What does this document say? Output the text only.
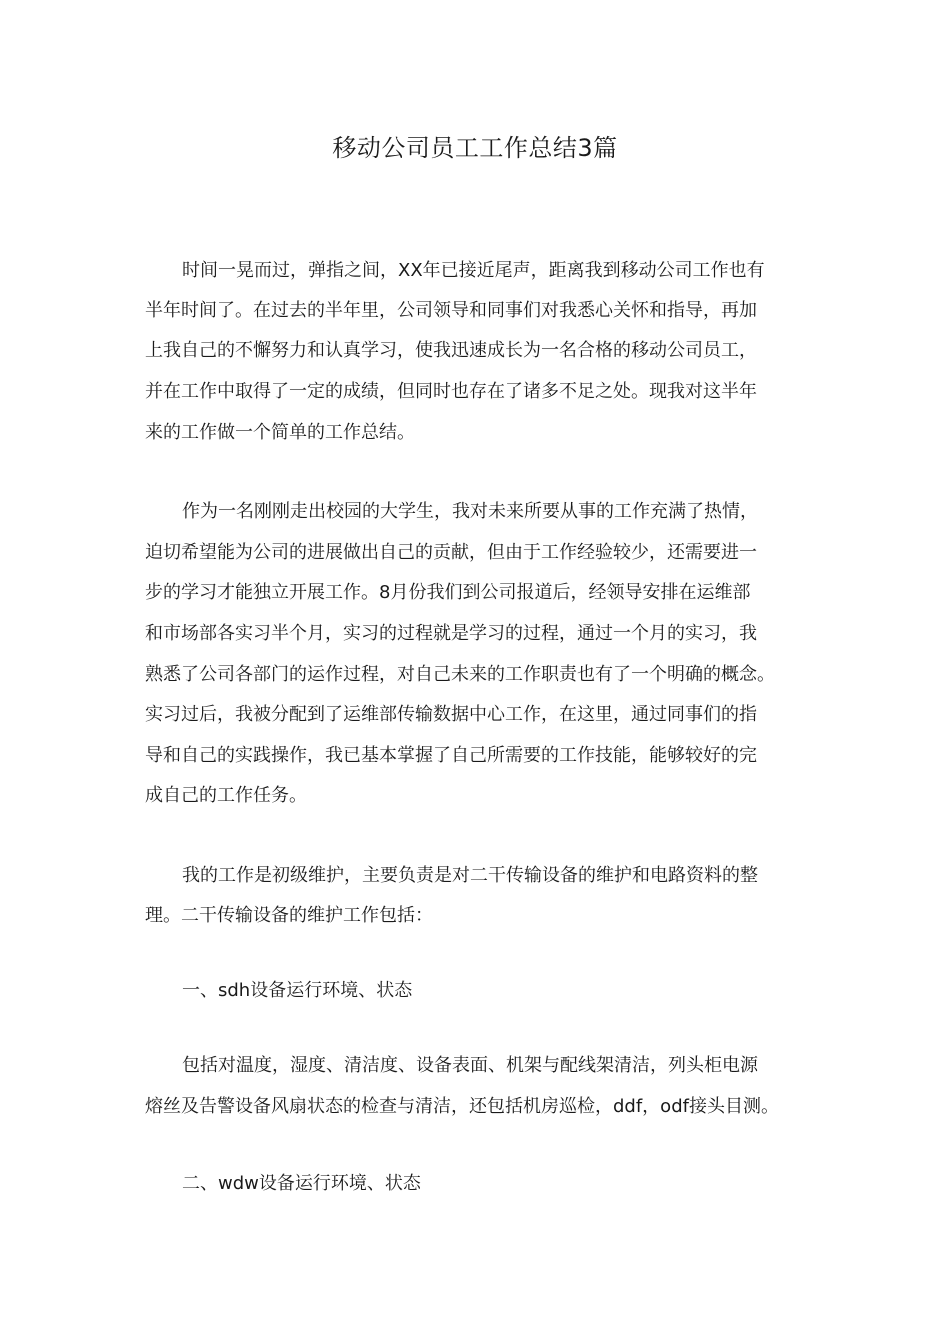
移动公司员工工作总结3篇
时间一晃而过，弹指之间，XX年已接近尾声，距离我到移动公司工作也有
半年时间了。在过去的半年里，公司领导和同事们对我悉心关怀和指导，再加
上我自己的不懈努力和认真学习，使我迅速成长为一名合格的移动公司员工，
并在工作中取得了一定的成绩，但同时也存在了诸多不足之处。现我对这半年
来的工作做一个简单的工作总结。
作为一名刚刚走出校园的大学生，我对未来所要从事的工作充满了热情，
迫切希望能为公司的进展做出自己的贡献，但由于工作经验较少，还需要进一
步的学习才能独立开展工作。8月份我们到公司报道后，经领导安排在运维部
和市场部各实习半个月，实习的过程就是学习的过程，通过一个月的实习，我
熟悉了公司各部门的运作过程，对自己未来的工作职责也有了一个明确的概念。
实习过后，我被分配到了运维部传输数据中心工作，在这里，通过同事们的指
导和自己的实践操作，我已基本掌握了自己所需要的工作技能，能够较好的完
成自己的工作任务。
我的工作是初级维护，主要负责是对二干传输设备的维护和电路资料的整
理。二干传输设备的维护工作包括：
一、sdh设备运行环境、状态
包括对温度，湿度、清洁度、设备表面、机架与配线架清洁，列头柜电源
熔丝及告警设备风扇状态的检查与清洁，还包括机房巡检，ddf，odf接头目测。
二、wdw设备运行环境、状态
